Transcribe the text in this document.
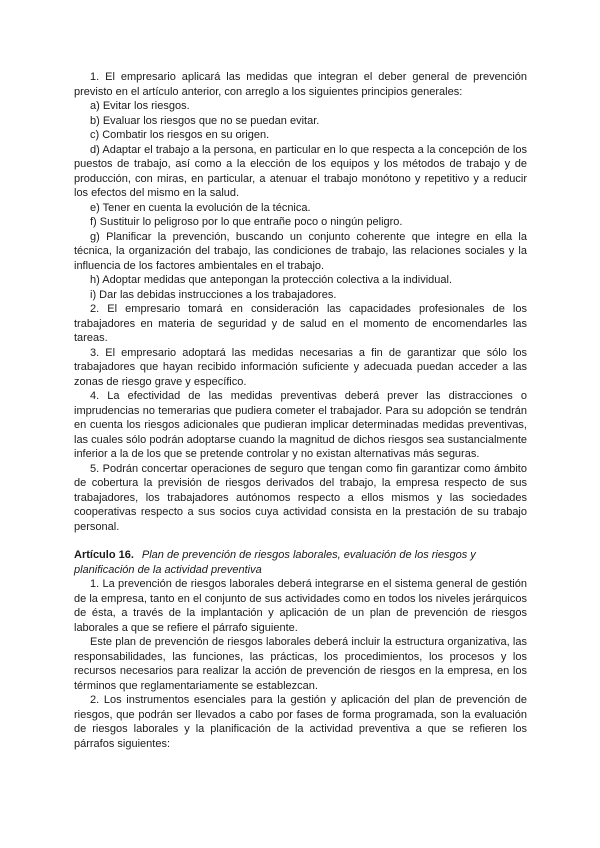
1. El empresario aplicará las medidas que integran el deber general de prevención previsto en el artículo anterior, con arreglo a los siguientes principios generales:

a) Evitar los riesgos.

b) Evaluar los riesgos que no se puedan evitar.

c) Combatir los riesgos en su origen.

d) Adaptar el trabajo a la persona, en particular en lo que respecta a la concepción de los puestos de trabajo, así como a la elección de los equipos y los métodos de trabajo y de producción, con miras, en particular, a atenuar el trabajo monótono y repetitivo y a reducir los efectos del mismo en la salud.

e) Tener en cuenta la evolución de la técnica.

f) Sustituir lo peligroso por lo que entrañe poco o ningún peligro.

g) Planificar la prevención, buscando un conjunto coherente que integre en ella la técnica, la organización del trabajo, las condiciones de trabajo, las relaciones sociales y la influencia de los factores ambientales en el trabajo.

h) Adoptar medidas que antepongan la protección colectiva a la individual.

i) Dar las debidas instrucciones a los trabajadores.

2. El empresario tomará en consideración las capacidades profesionales de los trabajadores en materia de seguridad y de salud en el momento de encomendarles las tareas.

3. El empresario adoptará las medidas necesarias a fin de garantizar que sólo los trabajadores que hayan recibido información suficiente y adecuada puedan acceder a las zonas de riesgo grave y específico.

4. La efectividad de las medidas preventivas deberá prever las distracciones o imprudencias no temerarias que pudiera cometer el trabajador. Para su adopción se tendrán en cuenta los riesgos adicionales que pudieran implicar determinadas medidas preventivas, las cuales sólo podrán adoptarse cuando la magnitud de dichos riesgos sea sustancialmente inferior a la de los que se pretende controlar y no existan alternativas más seguras.

5. Podrán concertar operaciones de seguro que tengan como fin garantizar como ámbito de cobertura la previsión de riesgos derivados del trabajo, la empresa respecto de sus trabajadores, los trabajadores autónomos respecto a ellos mismos y las sociedades cooperativas respecto a sus socios cuya actividad consista en la prestación de su trabajo personal.

Artículo 16. Plan de prevención de riesgos laborales, evaluación de los riesgos y planificación de la actividad preventiva

1. La prevención de riesgos laborales deberá integrarse en el sistema general de gestión de la empresa, tanto en el conjunto de sus actividades como en todos los niveles jerárquicos de ésta, a través de la implantación y aplicación de un plan de prevención de riesgos laborales a que se refiere el párrafo siguiente.

Este plan de prevención de riesgos laborales deberá incluir la estructura organizativa, las responsabilidades, las funciones, las prácticas, los procedimientos, los procesos y los recursos necesarios para realizar la acción de prevención de riesgos en la empresa, en los términos que reglamentariamente se establezcan.

2. Los instrumentos esenciales para la gestión y aplicación del plan de prevención de riesgos, que podrán ser llevados a cabo por fases de forma programada, son la evaluación de riesgos laborales y la planificación de la actividad preventiva a que se refieren los párrafos siguientes:
